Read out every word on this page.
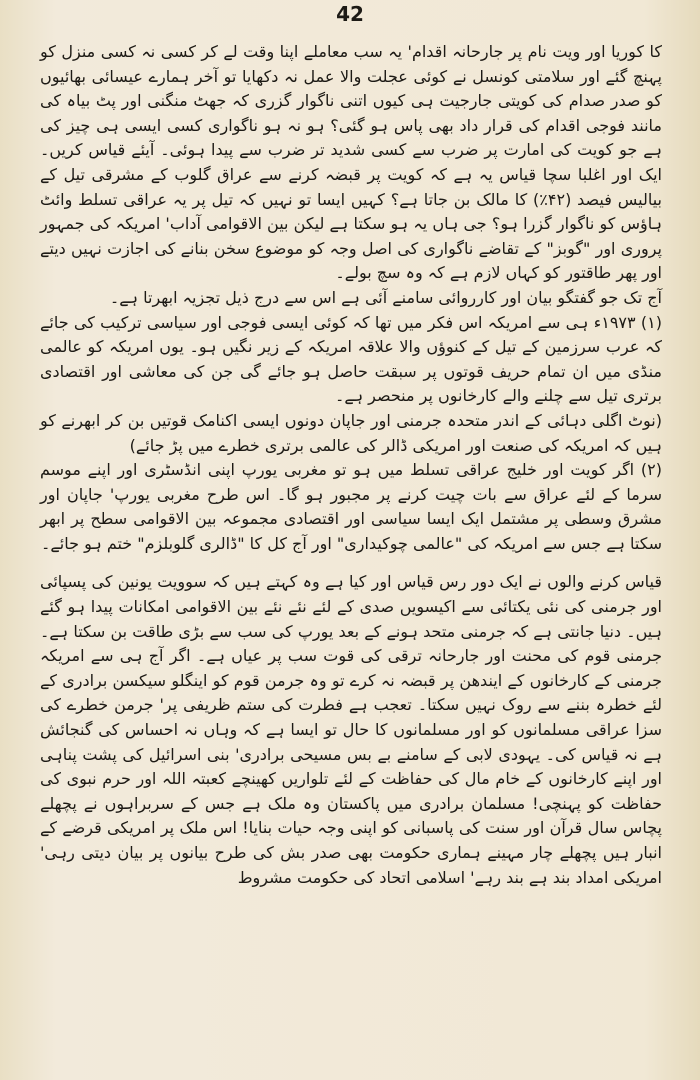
42

کا کوریا اور ویت نام پر جارحانہ اقدام' یہ سب معاملے اپنا وقت لے کر کسی نہ کسی منزل کو پہنچ گئے اور سلامتی کونسل نے کوئی عجلت والا عمل نہ دکھایا تو آخر ہمارے عیسائی بھائیوں کو صدر صدام کی کویتی جارجیت ہی کیوں اتنی ناگوار گزری کہ جھٹ منگنی اور پٹ بیاہ کی مانند فوجی اقدام کی قرار داد بھی پاس ہو گئی؟ ہو نہ ہو ناگواری کسی ایسی ہی چیز کی ہے جو کویت کی امارت پر ضرب سے کسی شدید تر ضرب سے پیدا ہوئی۔ آیئے قیاس کریں۔ ایک اور اغلبا سچا قیاس یہ ہے کہ کویت پر قبضہ کرنے سے عراق گلوب کے مشرقی تیل کے بیالیس فیصد (۴۲٪) کا مالک بن جاتا ہے؟ کہیں ایسا تو نہیں کہ تیل پر یہ عراقی تسلط وائٹ ہاؤس کو ناگوار گزرا ہو؟ جی ہاں یہ ہو سکتا ہے لیکن بین الاقوامی آداب' امریکہ کی جمہور پروری اور "گوبز" کے تقاضے ناگواری کی اصل وجہ کو موضوع سخن بنانے کی اجازت نہیں دیتے اور پھر طاقتور کو کہاں لازم ہے کہ وہ سچ بولے۔

آج تک جو گفتگو بیان اور کارروائی سامنے آئی ہے اس سے درج ذیل تجزیہ ابھرتا ہے۔

(۱) ۱۹۷۳ء ہی سے امریکہ اس فکر میں تھا کہ کوئی ایسی فوجی اور سیاسی ترکیب کی جائے کہ عرب سرزمین کے تیل کے کنوؤں والا علاقہ امریکہ کے زیر نگیں ہو۔ یوں امریکہ کو عالمی منڈی میں ان تمام حریف قوتوں پر سبقت حاصل ہو جائے گی جن کی معاشی اور اقتصادی برتری تیل سے چلنے والے کارخانوں پر منحصر ہے۔

(نوٹ اگلی دہائی کے اندر متحدہ جرمنی اور جاپان دونوں ایسی اکنامک قوتیں بن کر ابھرنے کو ہیں کہ امریکہ کی صنعت اور امریکی ڈالر کی عالمی برتری خطرے میں پڑ جائے)

(۲) اگر کویت اور خلیج عراقی تسلط میں ہو تو مغربی یورپ اپنی انڈسٹری اور اپنے موسم سرما کے لئے عراق سے بات چیت کرنے پر مجبور ہو گا۔ اس طرح مغربی یورپ' جاپان اور مشرق وسطی پر مشتمل ایک ایسا سیاسی اور اقتصادی مجموعہ بین الاقوامی سطح پر ابھر سکتا ہے جس سے امریکہ کی "عالمی چوکیداری" اور آج کل کا "ڈالری گلوبلزم" ختم ہو جائے۔

قیاس کرنے والوں نے ایک دور رس قیاس اور کیا ہے وہ کہتے ہیں کہ سوویت یونین کی پسپائی اور جرمنی کی نئی یکتائی سے اکیسویں صدی کے لئے نئے نئے بین الاقوامی امکانات پیدا ہو گئے ہیں۔ دنیا جانتی ہے کہ جرمنی متحد ہونے کے بعد یورپ کی سب سے بڑی طاقت بن سکتا ہے۔ جرمنی قوم کی محنت اور جارحانہ ترقی کی قوت سب پر عیاں ہے۔ اگر آج ہی سے امریکہ جرمنی کے کارخانوں کے ایندھن پر قبضہ نہ کرے تو وہ جرمن قوم کو اینگلو سیکسن برادری کے لئے خطرہ بننے سے روک نہیں سکتا۔ تعجب ہے فطرت کی ستم ظریفی پر' جرمن خطرے کی سزا عراقی مسلمانوں کو اور مسلمانوں کا حال تو ایسا ہے کہ وہاں نہ احساس کی گنجائش ہے نہ قیاس کی۔ یہودی لابی کے سامنے بے بس مسیحی برادری' بنی اسرائیل کی پشت پناہی اور اپنے کارخانوں کے خام مال کی حفاظت کے لئے تلواریں کھینچے کعبتہ اللہ اور حرم نبوی کی حفاظت کو پہنچی! مسلمان برادری میں پاکستان وہ ملک ہے جس کے سربراہوں نے پچھلے پچاس سال قرآن اور سنت کی پاسبانی کو اپنی وجہ حیات بنایا! اس ملک پر امریکی قرضے کے انبار ہیں پچھلے چار مہینے ہماری حکومت بھی صدر بش کی طرح بیانوں پر بیان دیتی رہی' امریکی امداد بند ہے بند رہے' اسلامی اتحاد کی حکومت مشروط
